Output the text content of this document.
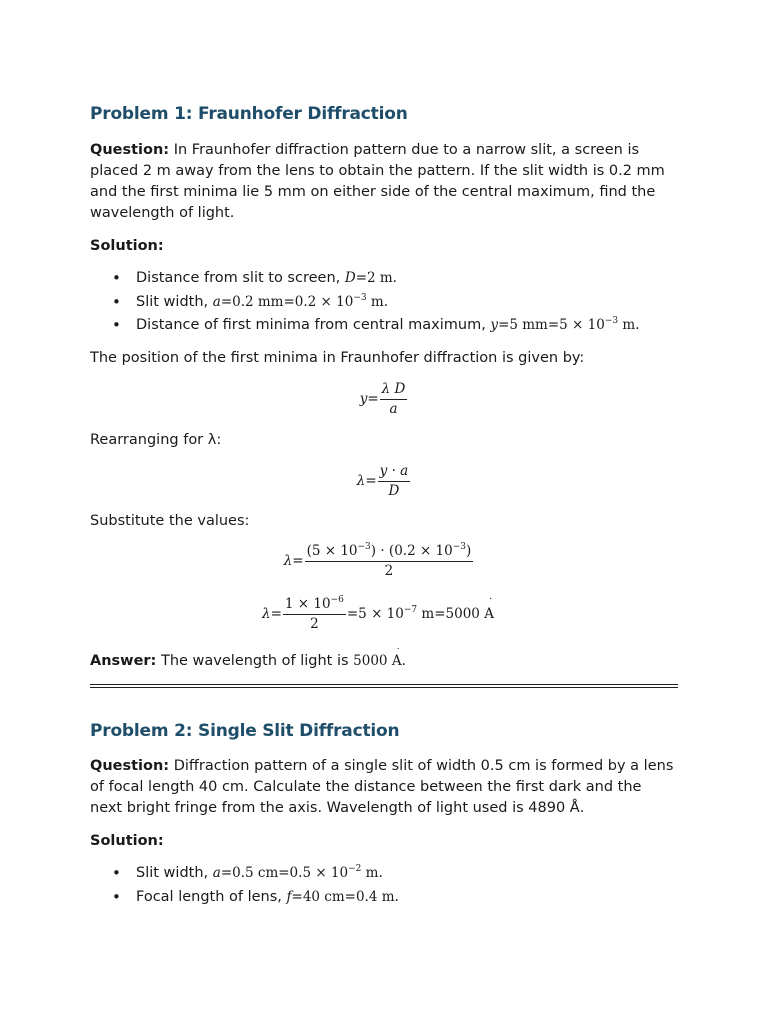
Problem 1: Fraunhofer Diffraction

Question: In Fraunhofer diffraction pattern due to a narrow slit, a screen is placed 2 m away from the lens to obtain the pattern. If the slit width is 0.2 mm and the first minima lie 5 mm on either side of the central maximum, find the wavelength of light.

Solution:

• Distance from slit to screen, D=2 m.
• Slit width, a=0.2 $mm=0.2 \times 10^{-3}$ m.
• Distance of first minima from central maximum, y=5 $mm=5 \times 10^{-3}$ m.

The position of the first minima in Fraunhofer diffraction is given by:

$y= \frac{\text{λ D}}{a}$

Rearranging for λ:

$\lambda= \frac{y \cdot a}{D}$

Substitute the values:

$\lambda= \frac{(5 \times 10^{-3}) \cdot (0.2 \times 10^{-3})}{2}$
$\lambda= \frac{1 \times 10^{-6}}{2} =5 \times 10^{-7}$ m=5000 . A

Answer: The wavelength of light is 5000 . A.

Problem 2: Single Slit Diffraction

Question: Diffraction pattern of a single slit of width 0.5 cm is formed by a lens of focal length 40 cm. Calculate the distance between the first dark and the next bright fringe from the axis. Wavelength of light used is 4890 Å.

Solution:

• Slit width, a=0.5 $cm=0.5 \times 10^{-2}$ m.
• Focal length of lens, f=40 cm=0.4 m.
